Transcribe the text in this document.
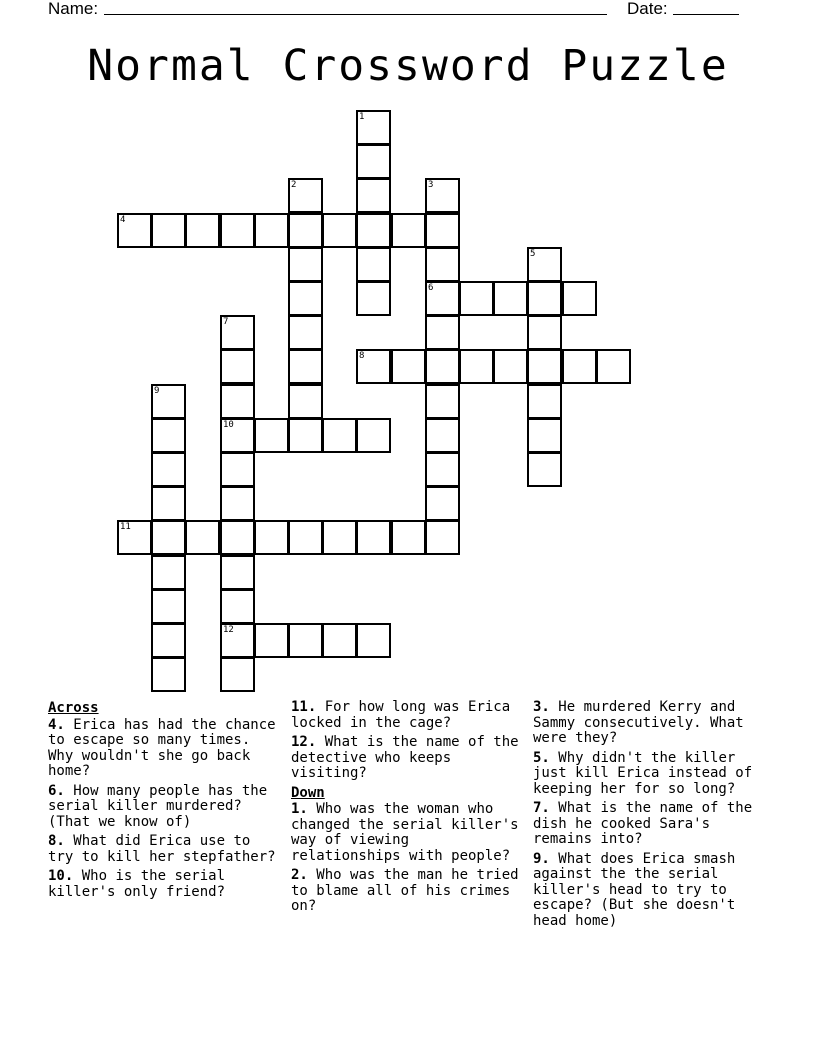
Name:	Date:
Normal Crossword Puzzle
4
6
8
10
11
12
1
2	3
5
7
9
Across
4. Erica has had the chance to escape so many times. Why wouldn't she go back home?
6. How many people has the serial killer murdered? (That we know of)
8. What did Erica use to try to kill her stepfather?
10. Who is the serial killer's only friend?
11. For how long was Erica locked in the cage?
12. What is the name of the detective who keeps visiting?
Down
1. Who was the woman who changed the serial killer's way of viewing relationships with people?
2. Who was the man he tried to blame all of his crimes on?
3. He murdered Kerry and Sammy consecutively. What were they?
5. Why didn't the killer just kill Erica instead of keeping her for so long?
7. What is the name of the dish he cooked Sara's remains into?
9. What does Erica smash against the the serial killer's head to try to escape? (But she doesn't head home)
